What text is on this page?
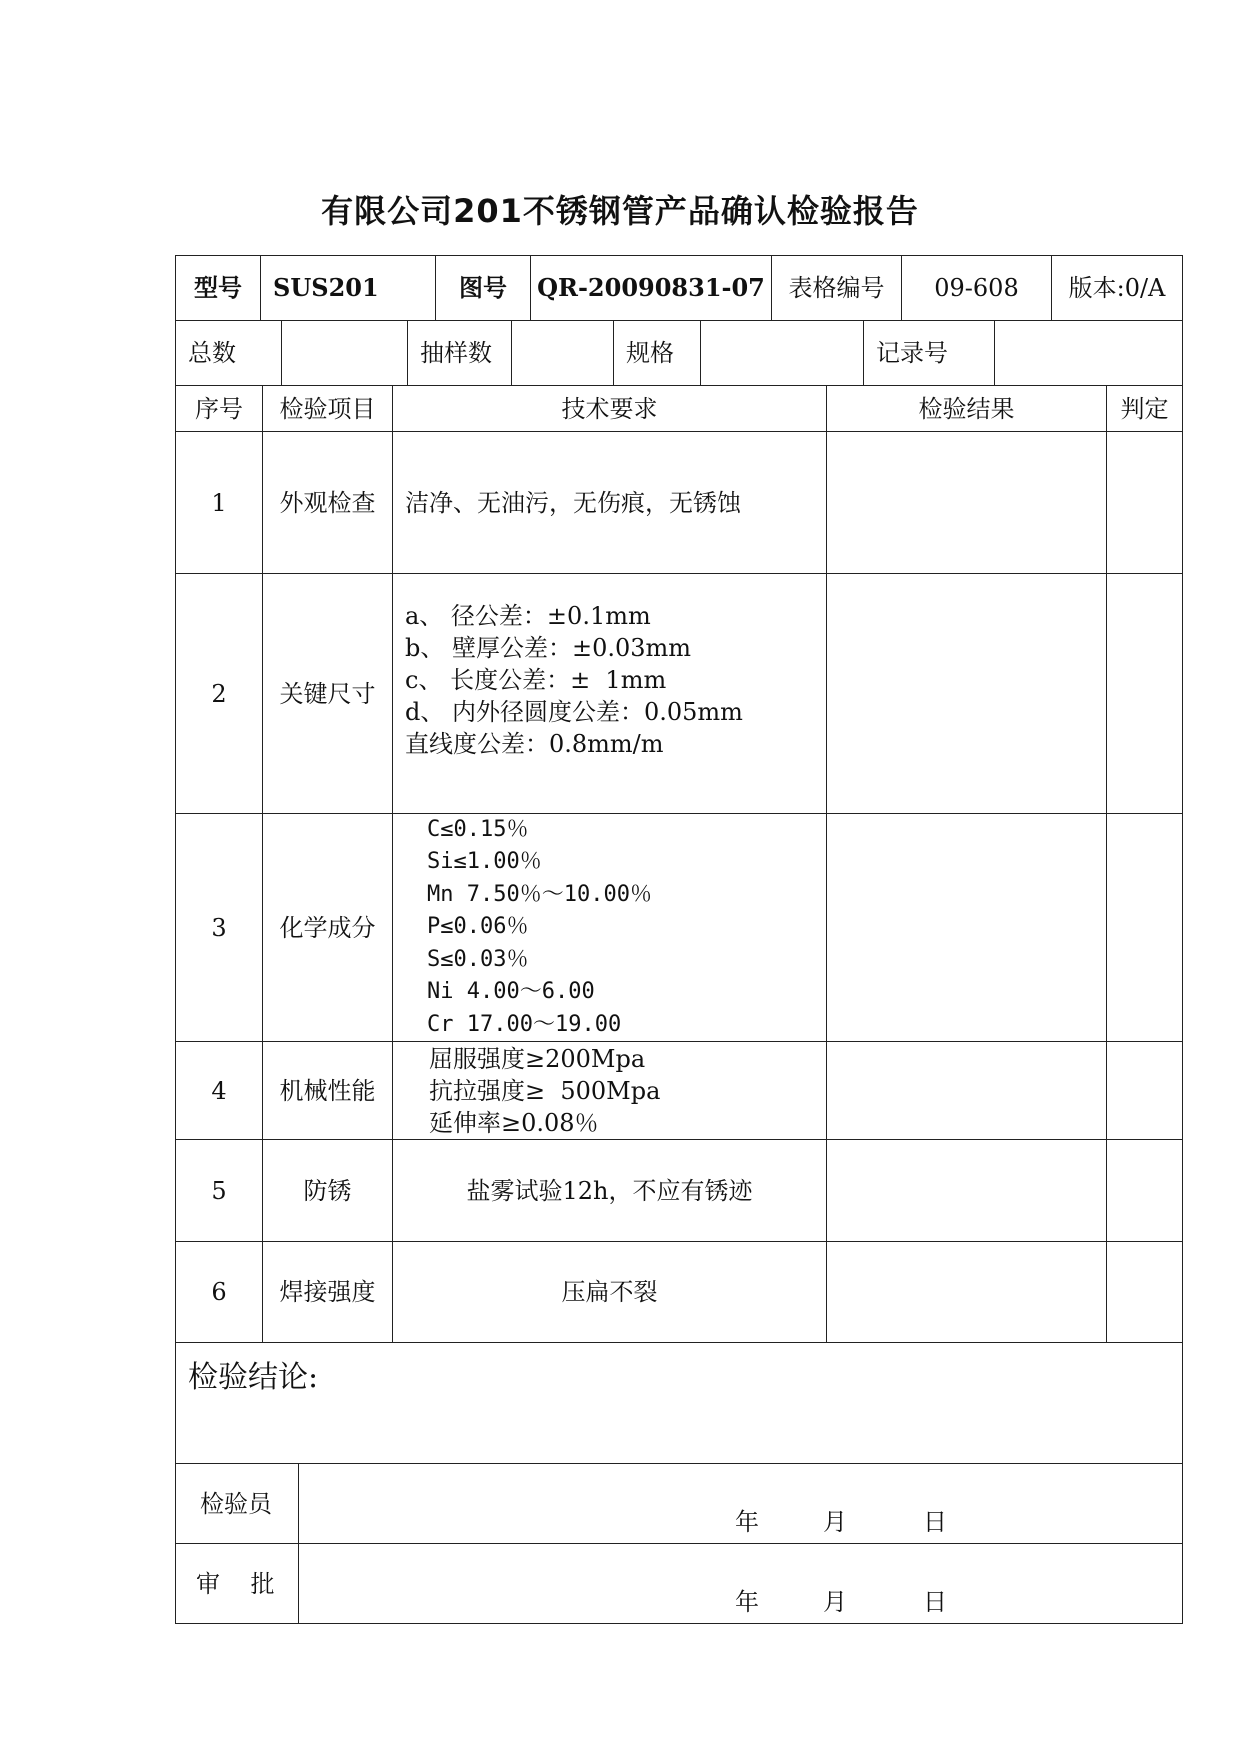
有限公司201不锈钢管产品确认检验报告
型号	SUS201	图号	QR-20090831-07 表格编号	09-608	版本:0/A
总数	抽样数	规格	记录号
序号	检验项目	技术要求	检验结果	判定
1	外观检查	洁净、无油污，无伤痕，无锈蚀
2	关键尺寸
a、 径公差：±0.1mm
b、 壁厚公差：±0.03mm
c、 长度公差：±  1mm
d、 内外径圆度公差：0.05mm
直线度公差：0.8mm/m
3	化学成分
C≤0.15％
Si≤1.00％
Mn 7.50％～10.00％
P≤0.06％
S≤0.03％
Ni 4.00～6.00
Cr 17.00～19.00
4	机械性能
屈服强度≥200Mpa
抗拉强度≥  500Mpa
延伸率≥0.08％
5	防锈	盐雾试验12h，不应有锈迹
6	焊接强度	压扁不裂
检验结论:
检验员
年	月	日
审    批
年	月	日
